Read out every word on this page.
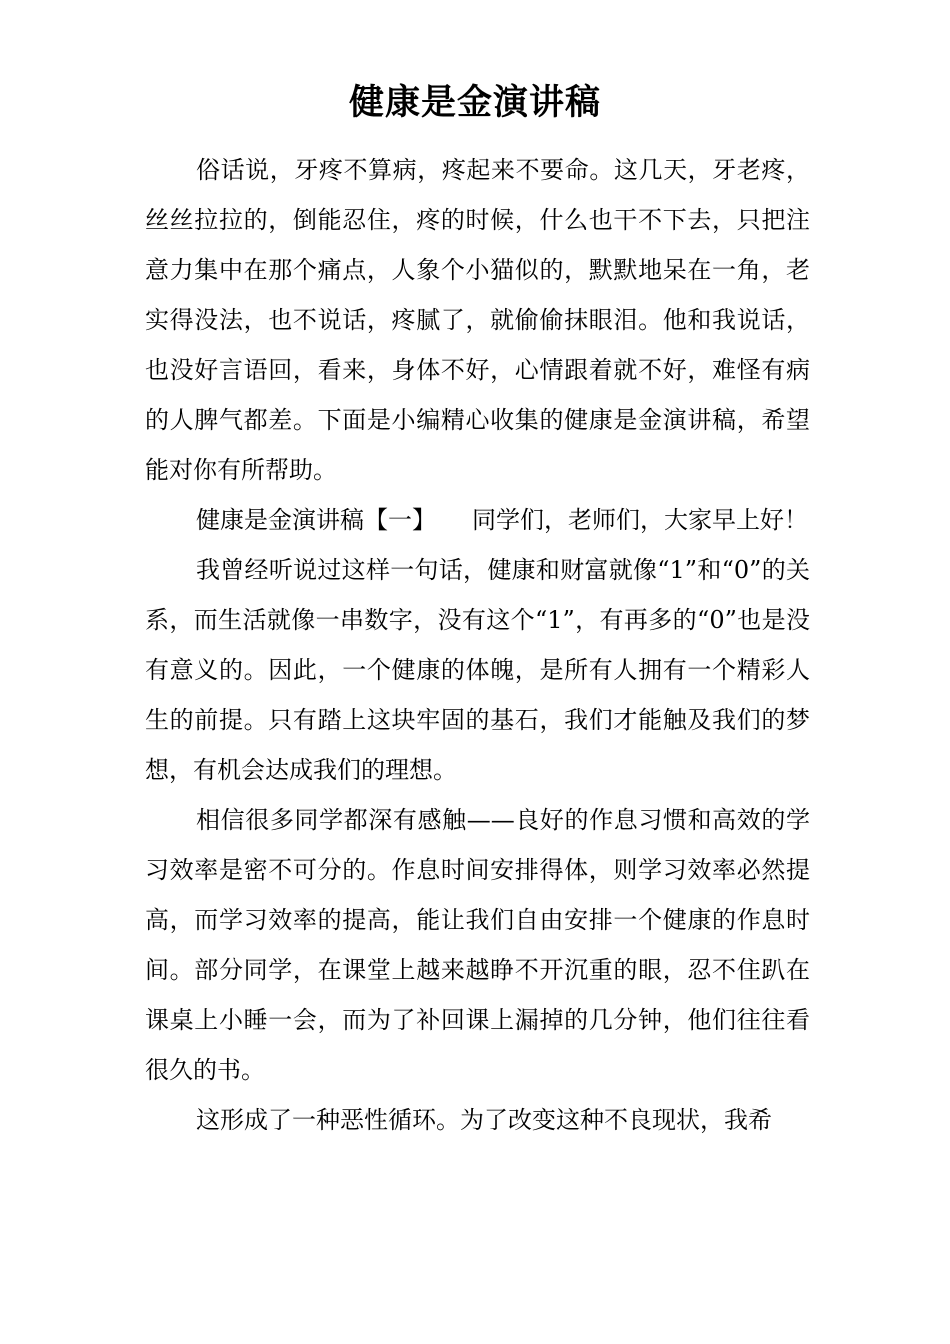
健康是金演讲稿

俗话说，牙疼不算病，疼起来不要命。这几天，牙老疼，丝丝拉拉的，倒能忍住，疼的时候，什么也干不下去，只把注意力集中在那个痛点，人象个小猫似的，默默地呆在一角，老实得没法，也不说话，疼腻了，就偷偷抹眼泪。他和我说话，也没好言语回，看来，身体不好，心情跟着就不好，难怪有病的人脾气都差。下面是小编精心收集的健康是金演讲稿，希望能对你有所帮助。

健康是金演讲稿【一】　　同学们，老师们，大家早上好！

我曾经听说过这样一句话，健康和财富就像“1”和“0”的关系，而生活就像一串数字，没有这个“1”，有再多的“0”也是没有意义的。因此，一个健康的体魄，是所有人拥有一个精彩人生的前提。只有踏上这块牢固的基石，我们才能触及我们的梦想，有机会达成我们的理想。

相信很多同学都深有感触——良好的作息习惯和高效的学习效率是密不可分的。作息时间安排得体，则学习效率必然提高，而学习效率的提高，能让我们自由安排一个健康的作息时间。部分同学，在课堂上越来越睁不开沉重的眼，忍不住趴在课桌上小睡一会，而为了补回课上漏掉的几分钟，他们往往看很久的书。

这形成了一种恶性循环。为了改变这种不良现状，我希
